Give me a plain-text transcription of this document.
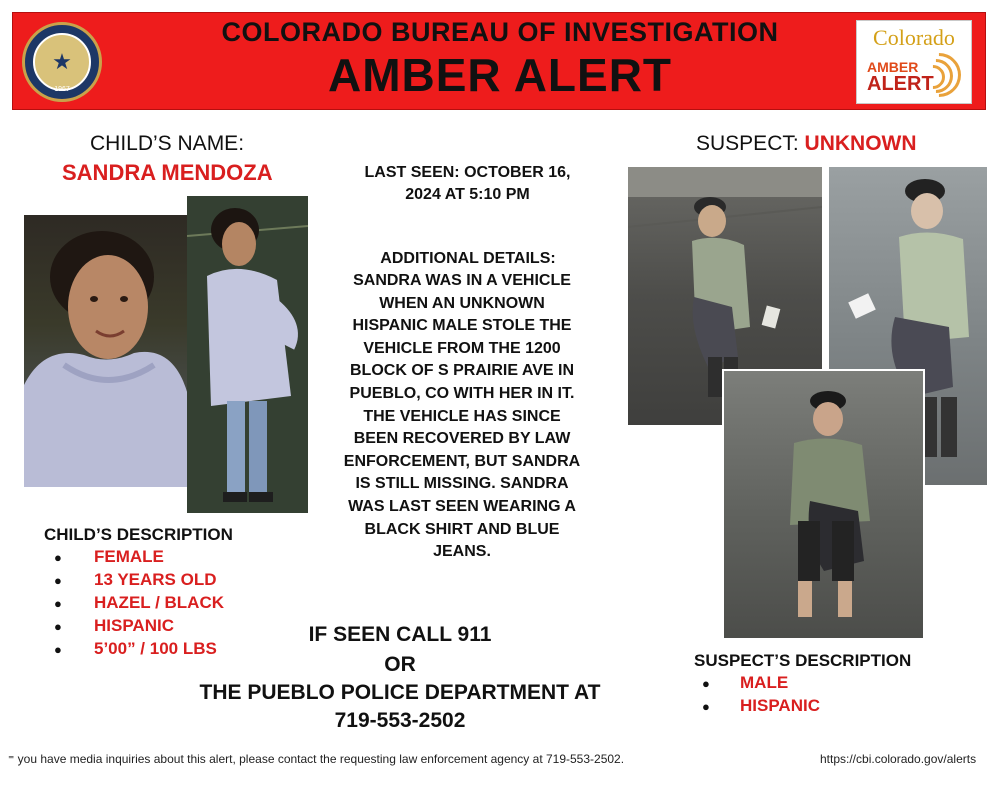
★
1967
COLORADO BUREAU OF INVESTIGATION
AMBER ALERT
Colorado
AMBER
ALERT
CHILD’S NAME:
SANDRA MENDOZA
CHILD’S DESCRIPTION
● FEMALE
● 13 YEARS OLD
● HAZEL / BLACK
● HISPANIC
● 5’00” / 100 LBS
LAST SEEN: OCTOBER 16,
2024 AT 5:10 PM
ADDITIONAL DETAILS:
SANDRA WAS IN A VEHICLE
WHEN AN UNKNOWN
HISPANIC MALE STOLE THE
VEHICLE FROM THE 1200
BLOCK OF S PRAIRIE AVE IN
PUEBLO, CO WITH HER IN IT.
THE VEHICLE HAS SINCE
BEEN RECOVERED BY LAW
ENFORCEMENT, BUT SANDRA
IS STILL MISSING. SANDRA
WAS LAST SEEN WEARING A
BLACK SHIRT AND BLUE
JEANS.
IF SEEN CALL 911
OR
THE PUEBLO POLICE DEPARTMENT AT
719-553-2502
SUSPECT: UNKNOWN
SUSPECT’S DESCRIPTION
● MALE
● HISPANIC
⁼ you have media inquiries about this alert, please contact the requesting law enforcement agency at 719-553-2502.	https://cbi.colorado.gov/alerts
